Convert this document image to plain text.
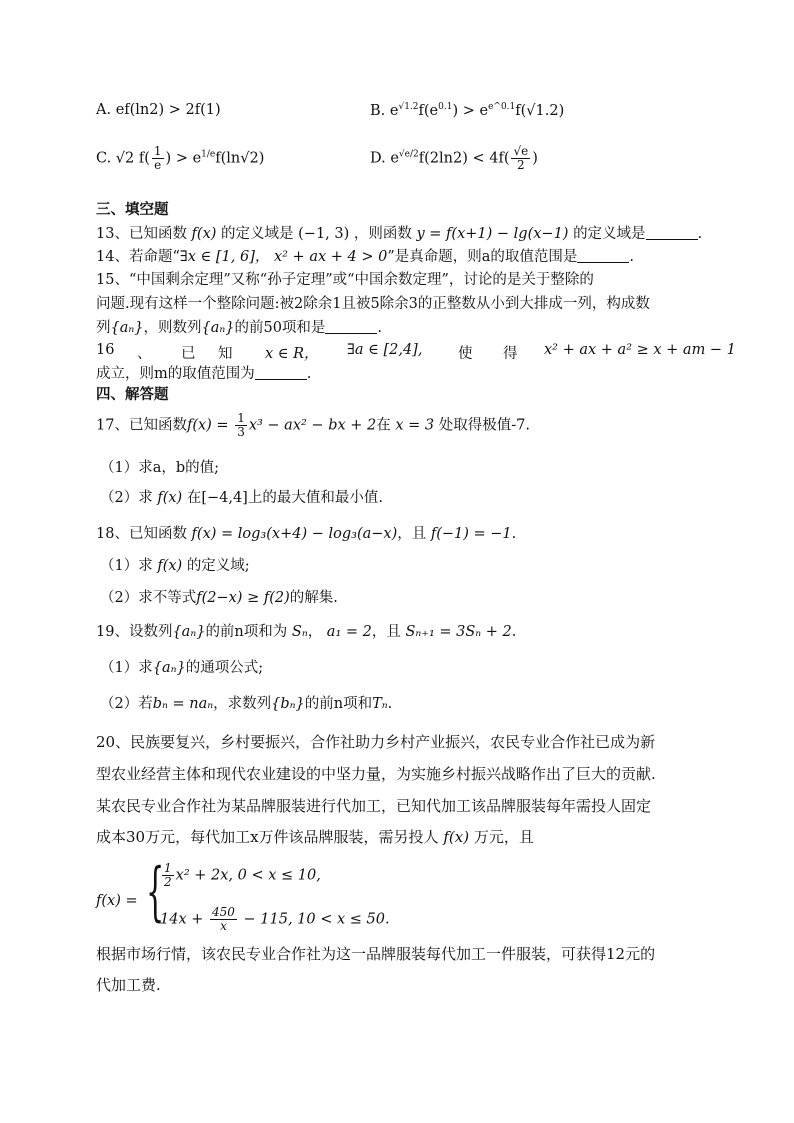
A. ef(ln2) > 2f(1)	B. $e^{√1.2}f(e^{0.1}) > e^{e\^{}0.1}f(√1.2)$
C. √2 $f( \frac{1}{e}$ ) > $e^{1/e}f(\ln√2)$	D. $e^{√e/2}f(2\ln 2) < 4f( \frac{√e}{2}$ )
三、填空题
13、已知函数 f(x) 的定义域是 (−1, 3) ，则函数 y = f(x+1) − lg(x−1) 的定义域是	.
14、若命题“∃x ∈ [1, 6]， x² + ax + 4 > 0”是真命题，则a的取值范围是	.
15、“中国剩余定理”又称“孙子定理”或“中国余数定理”，讨论的是关于整除的
问题.现有这样一个整除问题:被2除余1且被5除余3的正整数从小到大排成一列，构成数
列{aₙ}，则数列{aₙ}的前50项和是	.
16 、 已 知 x ∈ R， ∃a ∈ [2,4], 使 得 x² + ax + a² ≥ x + am − 1
成立，则m的取值范围为	.
四、解答题
17、已知函数$f(x) = \frac{1}{3} x^3 - ax^2$ − bx + 2在 x = 3 处取得极值-7.
（1）求a，b的值;
（2）求 f(x) 在[−4,4]上的最大值和最小值.
18、已知函数 f(x) = log₃(x+4) − log₃(a−x)，且 f(−1) = −1.
（1）求 f(x) 的定义域;
（2）求不等式f(2−x) ≥ f(2)的解集.
19、设数列{aₙ}的前n项和为 Sₙ， a₁ = 2，且 Sₙ₊₁ = 3Sₙ + 2.
（1）求{aₙ}的通项公式;
（2）若bₙ = naₙ，求数列{bₙ}的前n项和Tₙ.
20、民族要复兴，乡村要振兴，合作社助力乡村产业振兴，农民专业合作社已成为新
型农业经营主体和现代农业建设的中坚力量，为实施乡村振兴战略作出了巨大的贡献.
某农民专业合作社为某品牌服装进行代加工，已知代加工该品牌服装每年需投人固定
成本30万元，每代加工x万件该品牌服装，需另投人 f(x) 万元，且
f(x) = {
$\frac{1}{2} x^2 + 2x$, 0 < x ≤ 10,
$14x + \frac{450}{x} - 115$, 10 < x ≤ 50.
根据市场行情，该农民专业合作社为这一品牌服装每代加工一件服装，可获得12元的
代加工费.
